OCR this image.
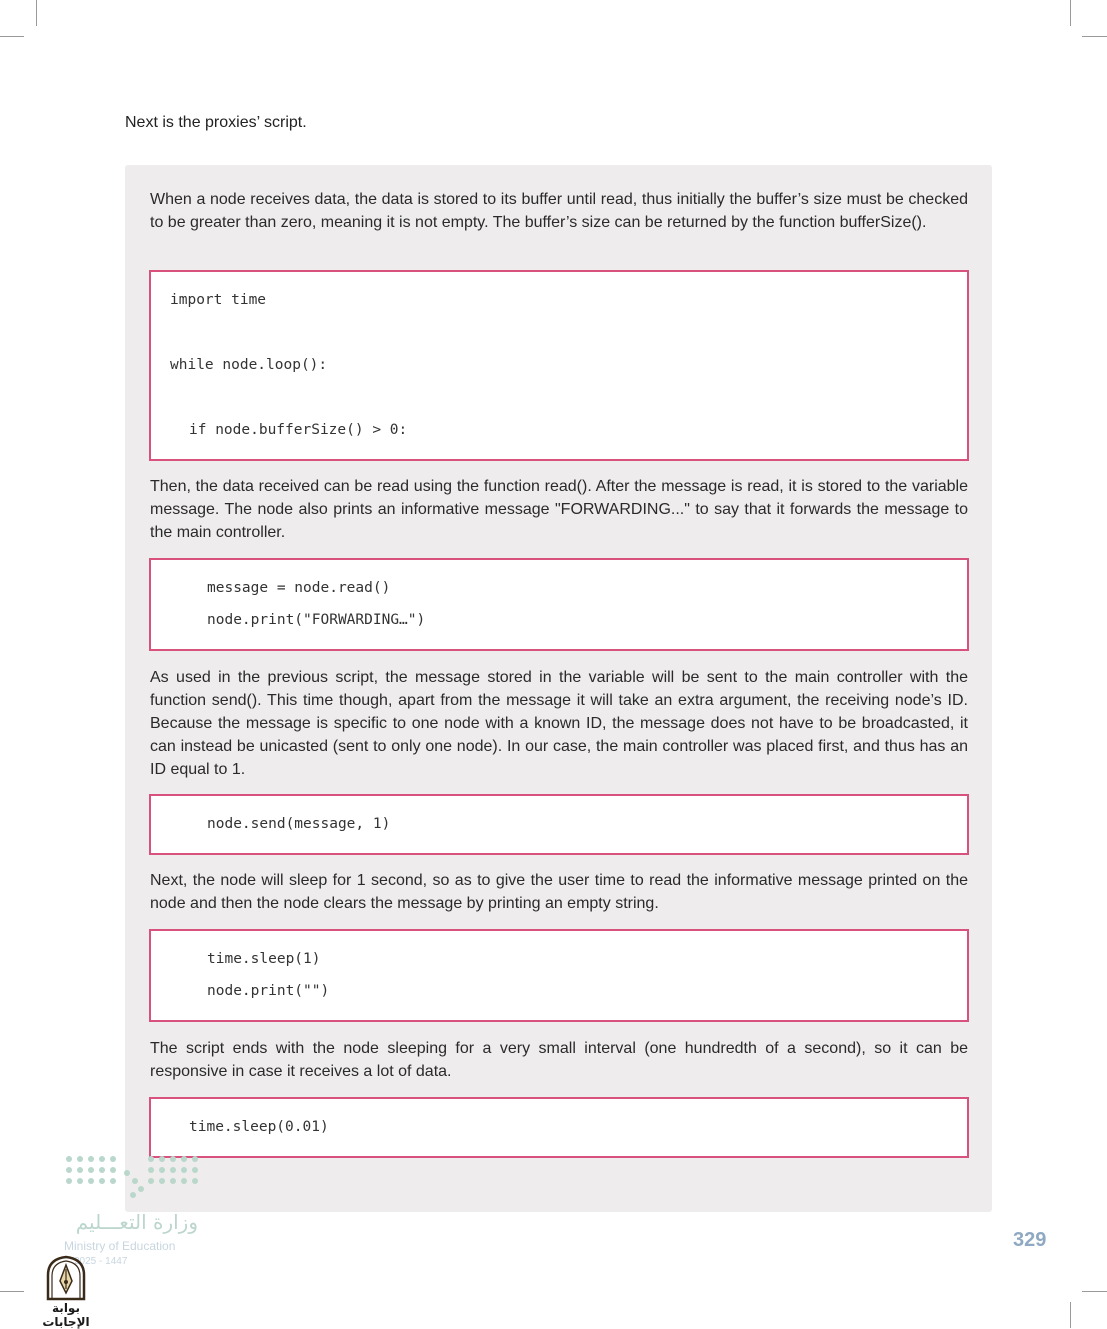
Next is the proxies’ script.

When a node receives data, the data is stored to its buffer until read, thus initially the buffer’s size must be checked to be greater than zero, meaning it is not empty. The buffer’s size can be returned by the function bufferSize().

import time
while node.loop():
if node.bufferSize() > 0:

Then, the data received can be read using the function read(). After the message is read, it is stored to the variable message. The node also prints an informative message "FORWARDING..." to say that it forwards the message to the main controller.

message = node.read()
node.print("FORWARDING…")

As used in the previous script, the message stored in the variable will be sent to the main controller with the function send(). This time though, apart from the message it will take an extra argument, the receiving node’s ID. Because the message is specific to one node with a known ID, the message does not have to be broadcasted, it can instead be unicasted (sent to only one node). In our case, the main controller was placed first, and thus has an ID equal to 1.

node.send(message, 1)

Next, the node will sleep for 1 second, so as to give the user time to read the informative message printed on the node and then the node clears the message by printing an empty string.

time.sleep(1)
node.print("")

The script ends with the node sleeping for a very small interval (one hundredth of a second), so it can be responsive in case it receives a lot of data.

time.sleep(0.01)
329
وزارة التعـــليم
Ministry of Education
2025 - 1447
بوابة الإجابات
